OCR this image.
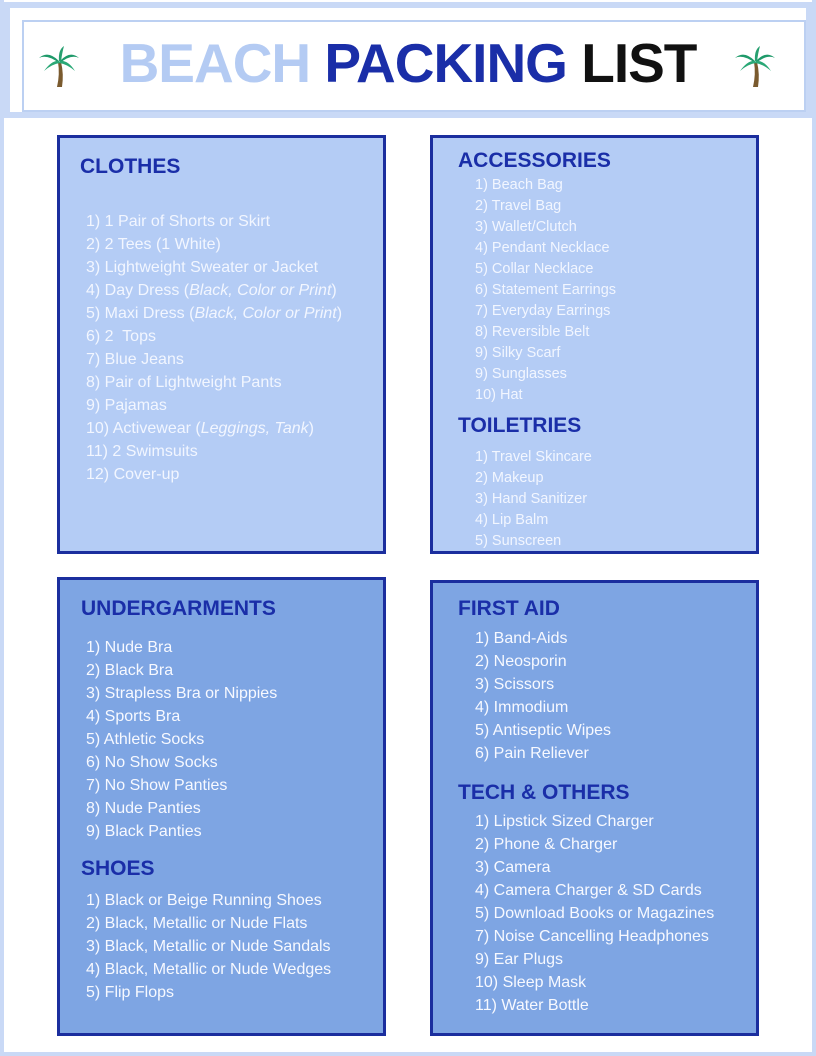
BEACH PACKING LIST
CLOTHES
1) 1 Pair of Shorts or Skirt
2) 2 Tees (1 White)
3) Lightweight Sweater or Jacket
4) Day Dress (Black, Color or Print)
5) Maxi Dress (Black, Color or Print)
6) 2  Tops
7) Blue Jeans
8) Pair of Lightweight Pants
9) Pajamas
10) Activewear (Leggings, Tank)
11) 2 Swimsuits
12) Cover-up
ACCESSORIES
1) Beach Bag
2) Travel Bag
3) Wallet/Clutch
4) Pendant Necklace
5) Collar Necklace
6) Statement Earrings
7) Everyday Earrings
8) Reversible Belt
9) Silky Scarf
9) Sunglasses
10) Hat
TOILETRIES
1) Travel Skincare
2) Makeup
3) Hand Sanitizer
4) Lip Balm
5) Sunscreen
UNDERGARMENTS
1) Nude Bra
2) Black Bra
3) Strapless Bra or Nippies
4) Sports Bra
5) Athletic Socks
6) No Show Socks
7) No Show Panties
8) Nude Panties
9) Black Panties
SHOES
1) Black or Beige Running Shoes
2) Black, Metallic or Nude Flats
3) Black, Metallic or Nude Sandals
4) Black, Metallic or Nude Wedges
5) Flip Flops
FIRST AID
1) Band-Aids
2) Neosporin
3) Scissors
4) Immodium
5) Antiseptic Wipes
6) Pain Reliever
TECH & OTHERS
1) Lipstick Sized Charger
2) Phone & Charger
3) Camera
4) Camera Charger & SD Cards
5) Download Books or Magazines
7) Noise Cancelling Headphones
9) Ear Plugs
10) Sleep Mask
11) Water Bottle
